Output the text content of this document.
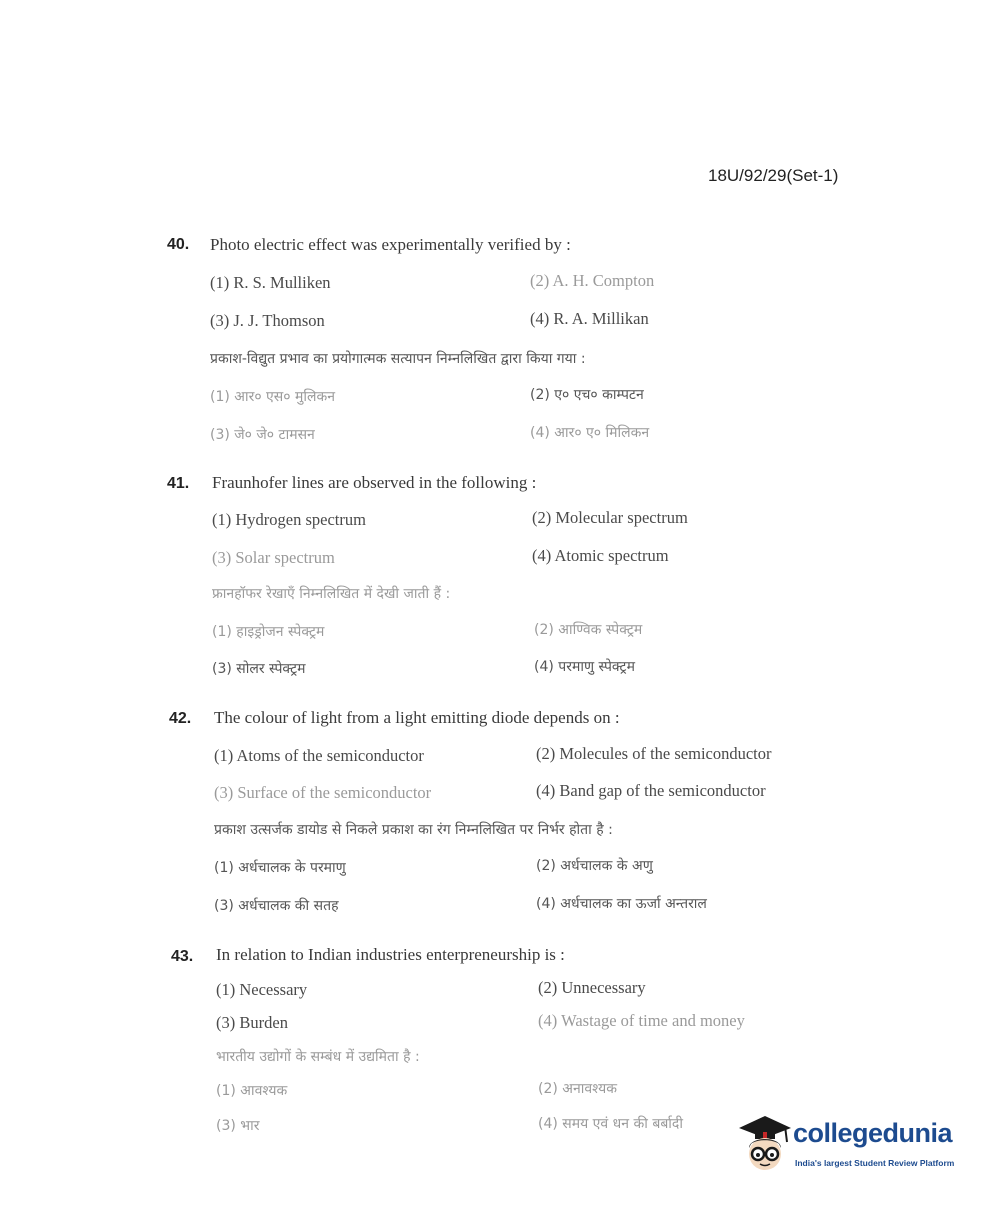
18U/92/29(Set-1)
40. Photo electric effect was experimentally verified by :
(1) R. S. Mulliken	(2) A. H. Compton
(3) J. J. Thomson	(4) R. A. Millikan
प्रकाश-विद्युत प्रभाव का प्रयोगात्मक सत्यापन निम्नलिखित द्वारा किया गया :
(1) आर० एस० मुलिकन	(2) ए० एच० काम्पटन
(3) जे० जे० टामसन	(4) आर० ए० मिलिकन
41. Fraunhofer lines are observed in the following :
(1) Hydrogen spectrum	(2) Molecular spectrum
(3) Solar spectrum	(4) Atomic spectrum
फ्रानहॉफर रेखाएँ निम्नलिखित में देखी जाती हैं :
(1) हाइड्रोजन स्पेक्ट्रम	(2) आण्विक स्पेक्ट्रम
(3) सोलर स्पेक्ट्रम	(4) परमाणु स्पेक्ट्रम
42. The colour of light from a light emitting diode depends on :
(1) Atoms of the semiconductor	(2) Molecules of the semiconductor
(3) Surface of the semiconductor	(4) Band gap of the semiconductor
प्रकाश उत्सर्जक डायोड से निकले प्रकाश का रंग निम्नलिखित पर निर्भर होता है :
(1) अर्धचालक के परमाणु	(2) अर्धचालक के अणु
(3) अर्धचालक की सतह	(4) अर्धचालक का ऊर्जा अन्तराल
43. In relation to Indian industries enterpreneurship is :
(1) Necessary	(2) Unnecessary
(3) Burden	(4) Wastage of time and money
भारतीय उद्योगों के सम्बंध में उद्यमिता है :
(1) आवश्यक	(2) अनावश्यक
(3) भार	(4) समय एवं धन की बर्बादी	collegedunia
India's largest Student Review Platform
